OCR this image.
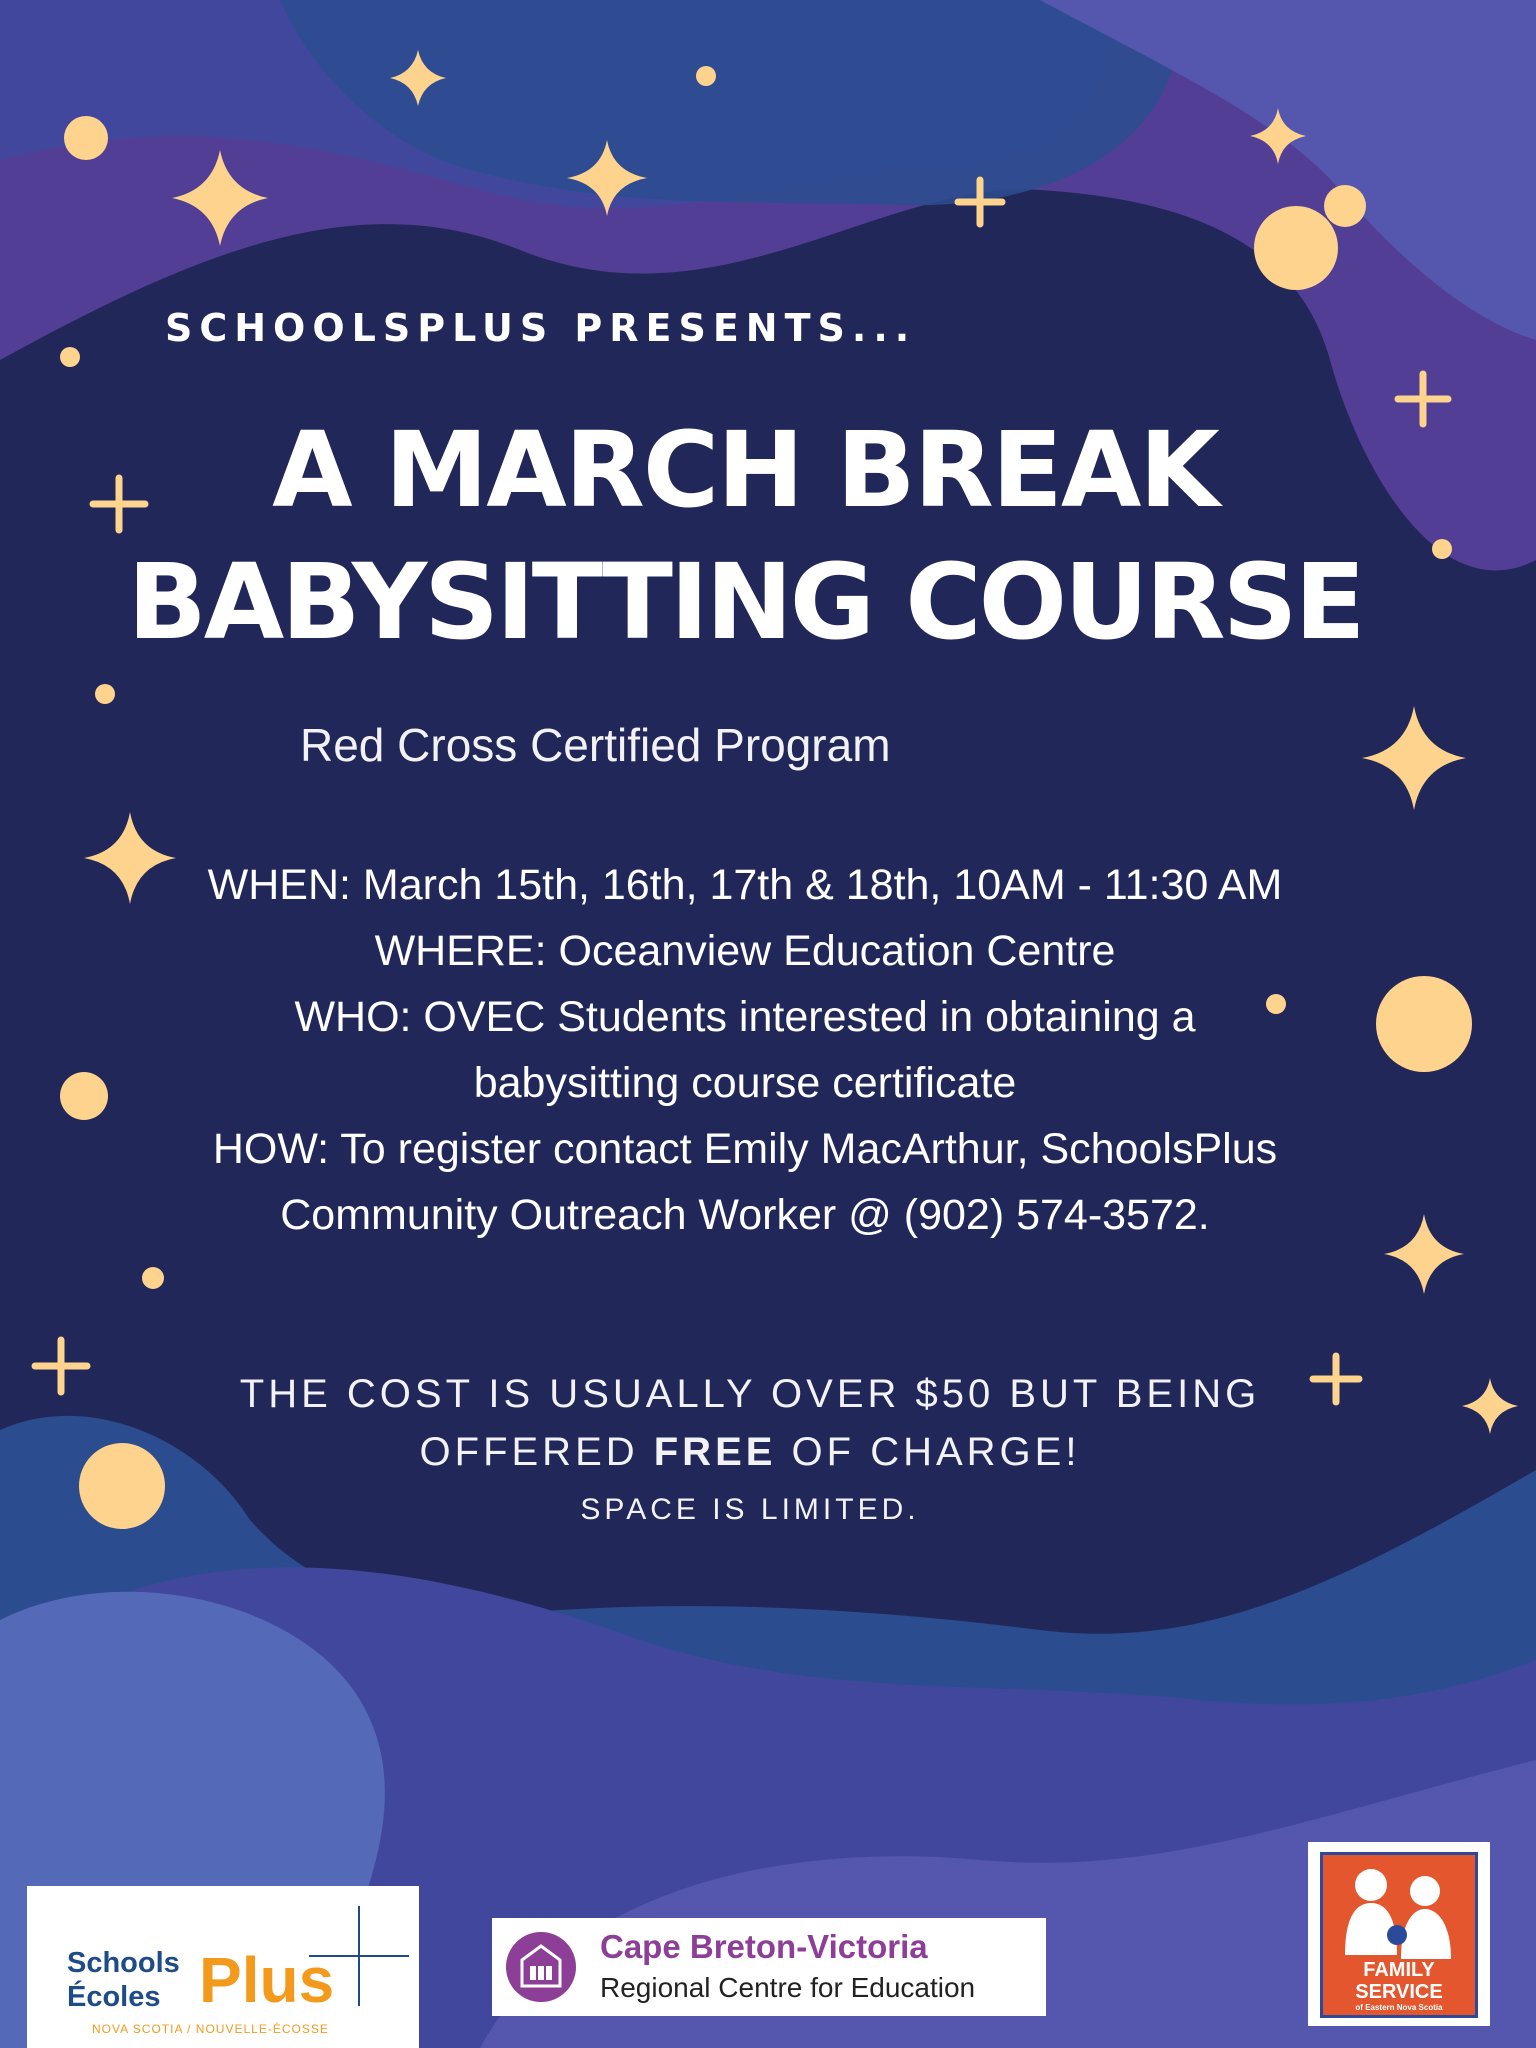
SCHOOLSPLUS PRESENTS...
A MARCH BREAK
BABYSITTING COURSE
Red Cross Certified Program
WHEN: March 15th, 16th, 17th & 18th, 10AM - 11:30 AM
WHERE: Oceanview Education Centre
WHO: OVEC Students interested in obtaining a
babysitting course certificate
HOW: To register contact Emily MacArthur, SchoolsPlus
Community Outreach Worker @ (902) 574-3572.
THE COST IS USUALLY OVER $50 BUT BEING
OFFERED FREE OF CHARGE!
SPACE IS LIMITED.
Schools
Écoles Plus
NOVA SCOTIA / NOUVELLE-ÉCOSSE
Cape Breton-Victoria
Regional Centre for Education
FAMILY
SERVICE
of Eastern Nova Scotia
